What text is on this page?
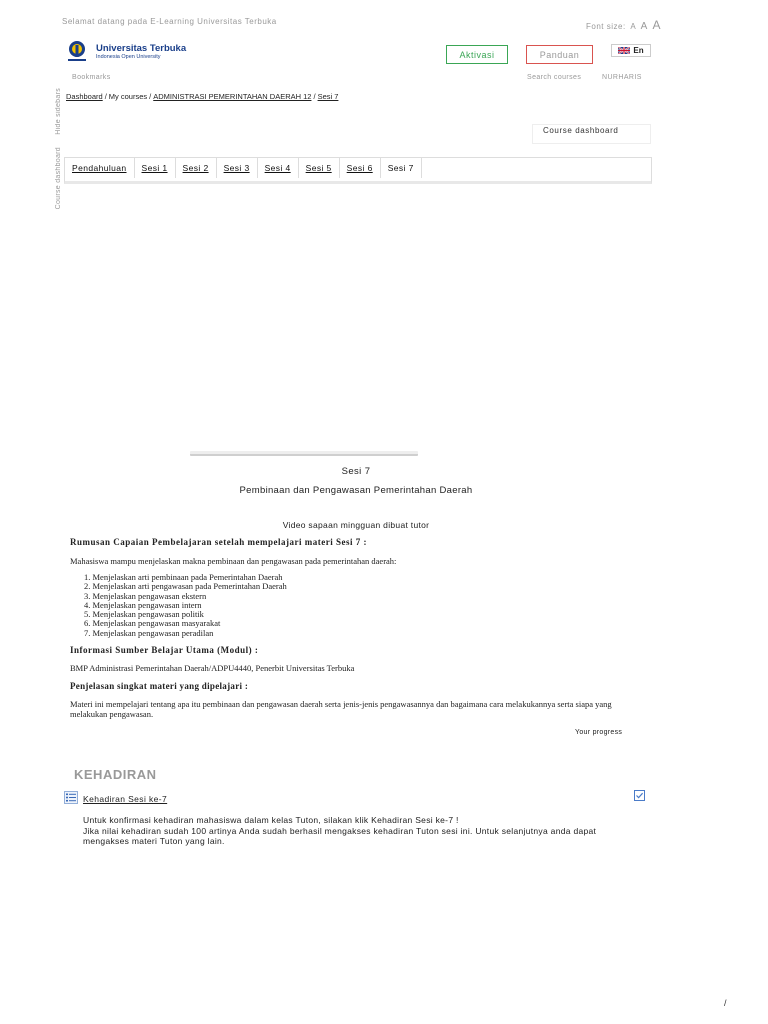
Selamat datang pada E-Learning Universitas Terbuka
Font size: A A A
Universitas Terbuka
Indonesia Open University	Aktivasi	Panduan	En
Bookmarks	Search courses	NURHARIS
Hide sidebars
Course dashboard
Dashboard / My courses / ADMINISTRASI PEMERINTAHAN DAERAH 12 / Sesi 7
Course dashboard
Pendahuluan	Sesi 1	Sesi 2	Sesi 3	Sesi 4	Sesi 5	Sesi 6	Sesi 7
Sesi 7
Pembinaan dan Pengawasan Pemerintahan Daerah
Video sapaan mingguan dibuat tutor
Rumusan Capaian Pembelajaran setelah mempelajari materi Sesi 7 :
Mahasiswa mampu menjelaskan makna pembinaan dan pengawasan pada pemerintahan daerah:
1. Menjelaskan arti pembinaan pada Pemerintahan Daerah
2. Menjelaskan arti pengawasan pada Pemerintahan Daerah
3. Menjelaskan pengawasan ekstern
4. Menjelaskan pengawasan intern
5. Menjelaskan pengawasan politik
6. Menjelaskan pengawasan masyarakat
7. Menjelaskan pengawasan peradilan
Informasi Sumber Belajar Utama (Modul) :
BMP Administrasi Pemerintahan Daerah/ADPU4440, Penerbit Universitas Terbuka
Penjelasan singkat materi yang dipelajari :
Materi ini mempelajari tentang apa itu pembinaan dan pengawasan daerah serta jenis-jenis pengawasannya dan bagaimana cara melakukannya serta siapa yang melakukan pengawasan.
Your progress
KEHADIRAN
Kehadiran Sesi ke-7
Untuk konfirmasi kehadiran mahasiswa dalam kelas Tuton, silakan klik Kehadiran Sesi ke-7 !
Jika nilai kehadiran sudah 100 artinya Anda sudah berhasil mengakses kehadiran Tuton sesi ini. Untuk selanjutnya anda dapat mengakses materi Tuton yang lain.
/
